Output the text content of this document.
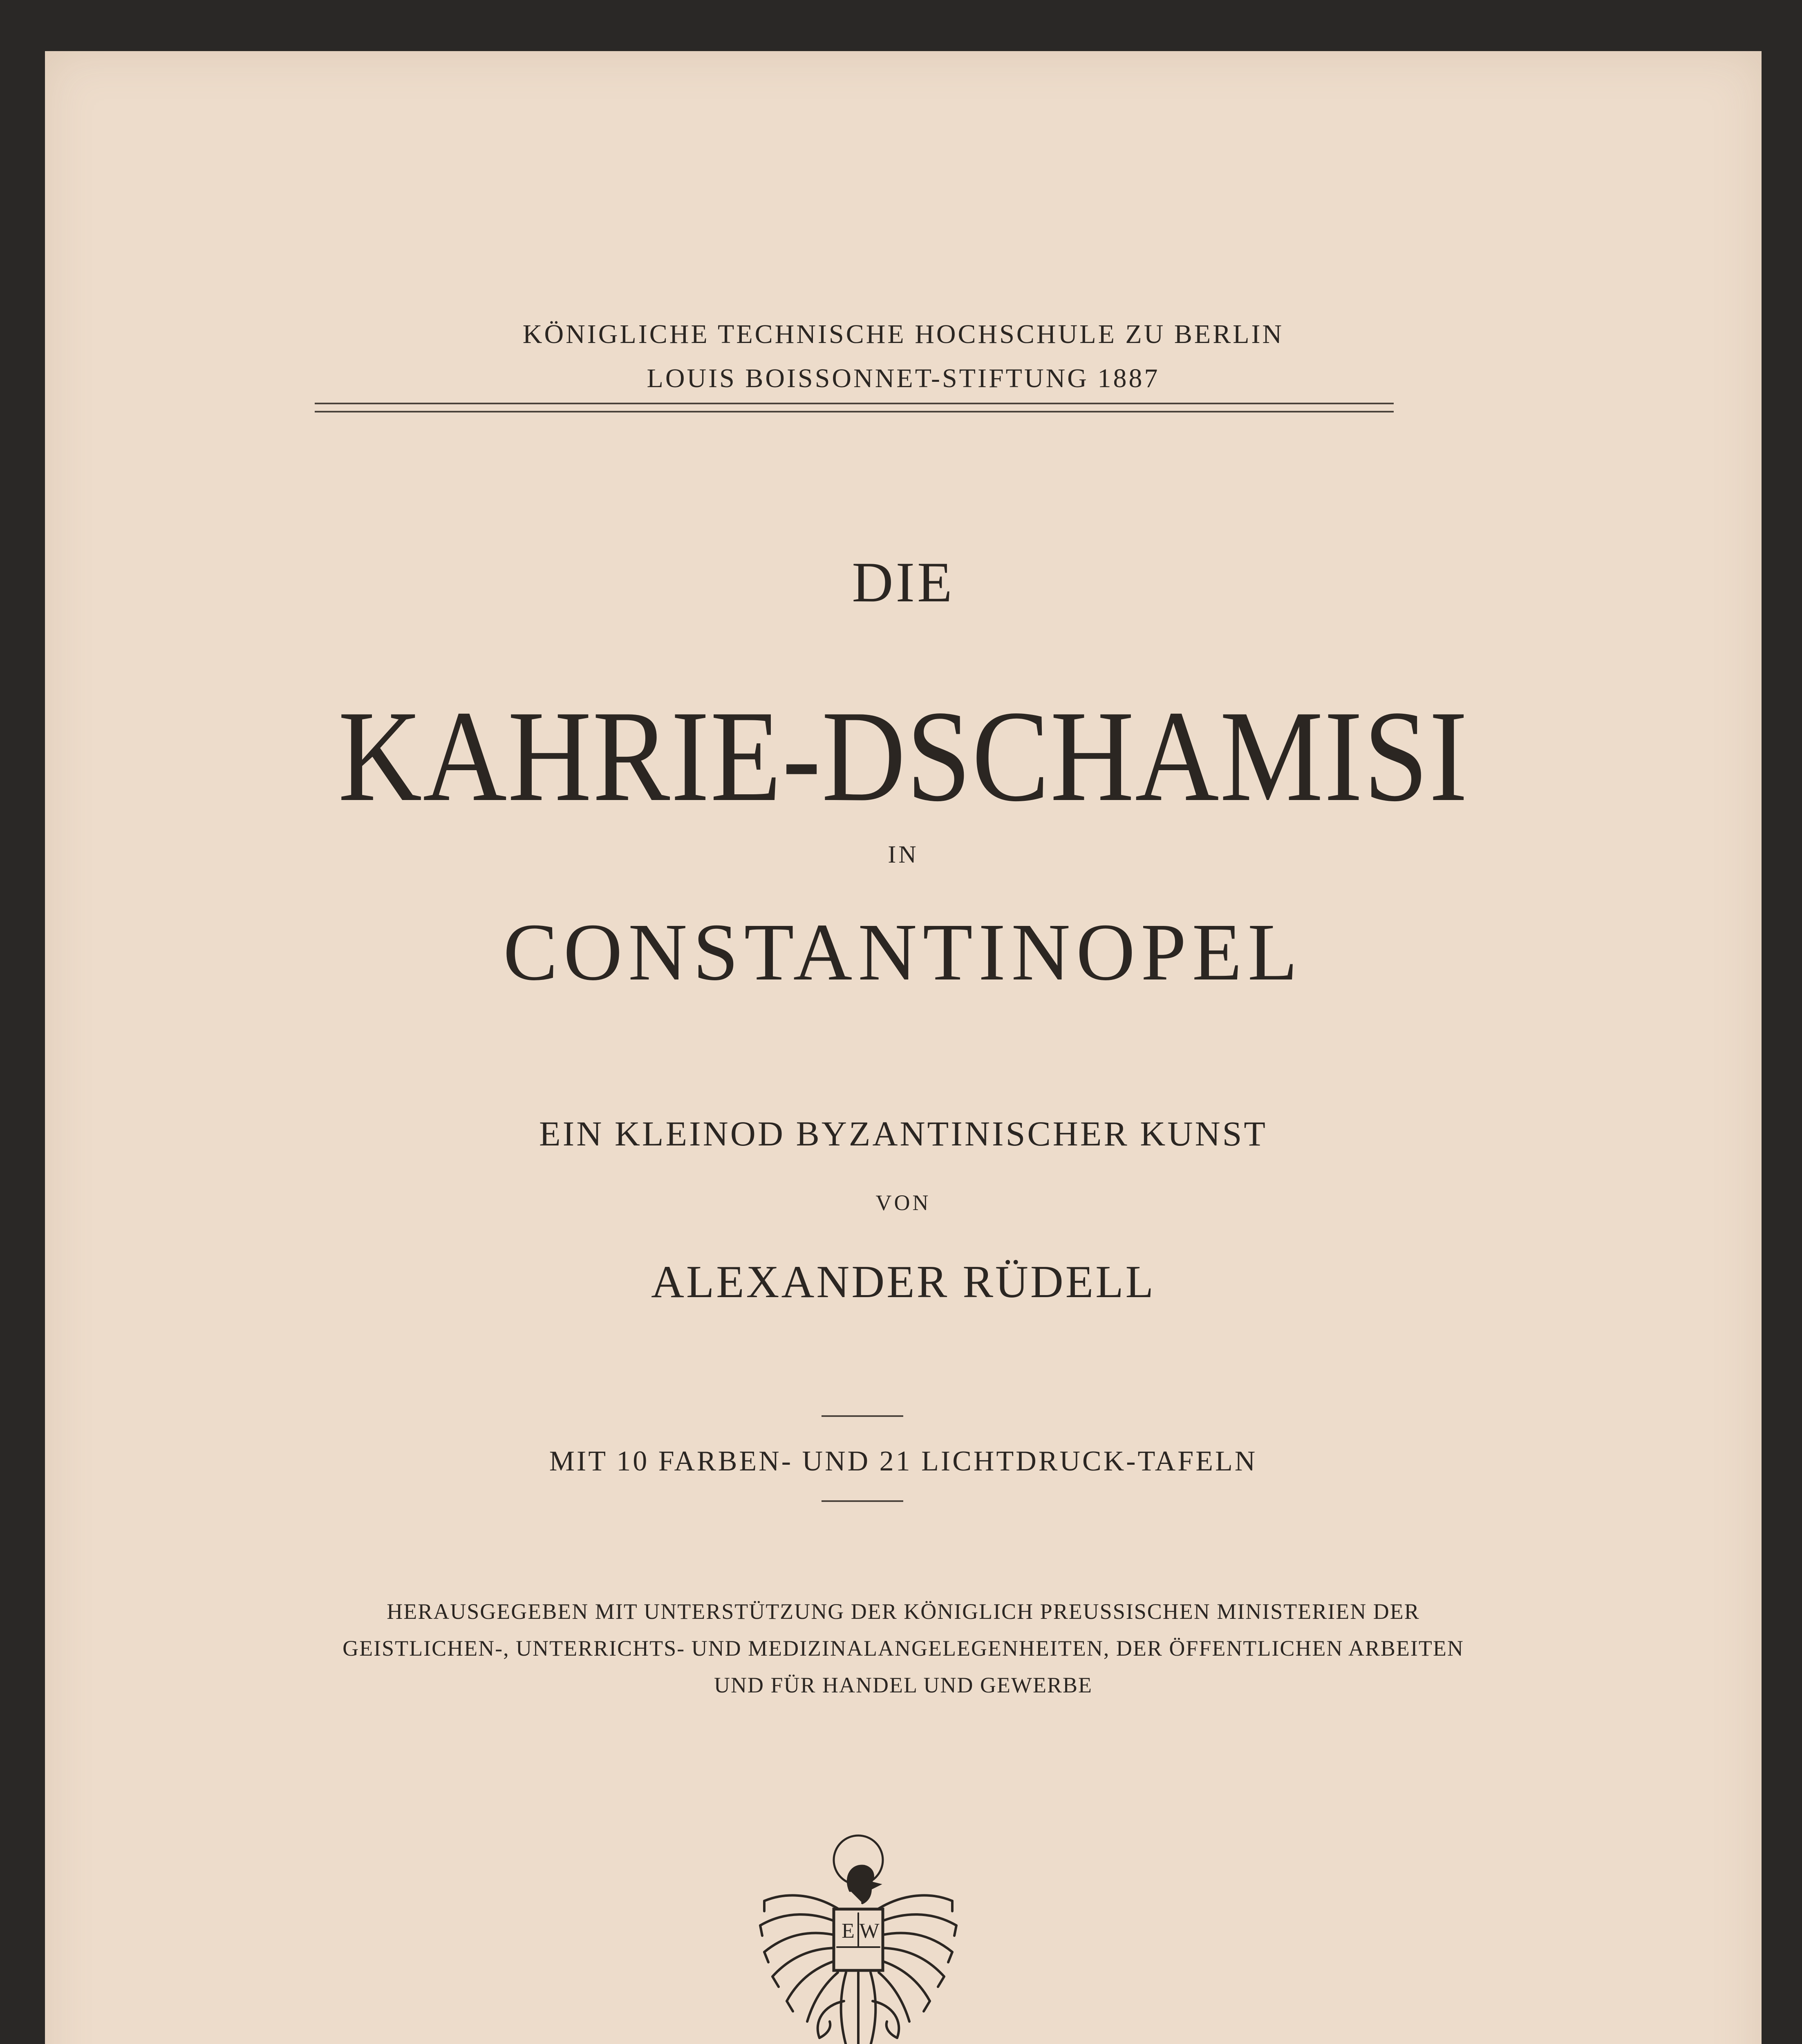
KÖNIGLICHE TECHNISCHE HOCHSCHULE ZU BERLIN
LOUIS BOISSONNET-STIFTUNG 1887
DIE
KAHRIE-DSCHAMISI
IN
CONSTANTINOPEL
EIN KLEINOD BYZANTINISCHER KUNST
VON
ALEXANDER RÜDELL
MIT 10 FARBEN- UND 21 LICHTDRUCK-TAFELN
HERAUSGEGEBEN MIT UNTERSTÜTZUNG DER KÖNIGLICH PREUSSISCHEN MINISTERIEN DER
GEISTLICHEN-, UNTERRICHTS- UND MEDIZINALANGELEGENHEITEN, DER ÖFFENTLICHEN ARBEITEN
UND FÜR HANDEL UND GEWERBE
E W
